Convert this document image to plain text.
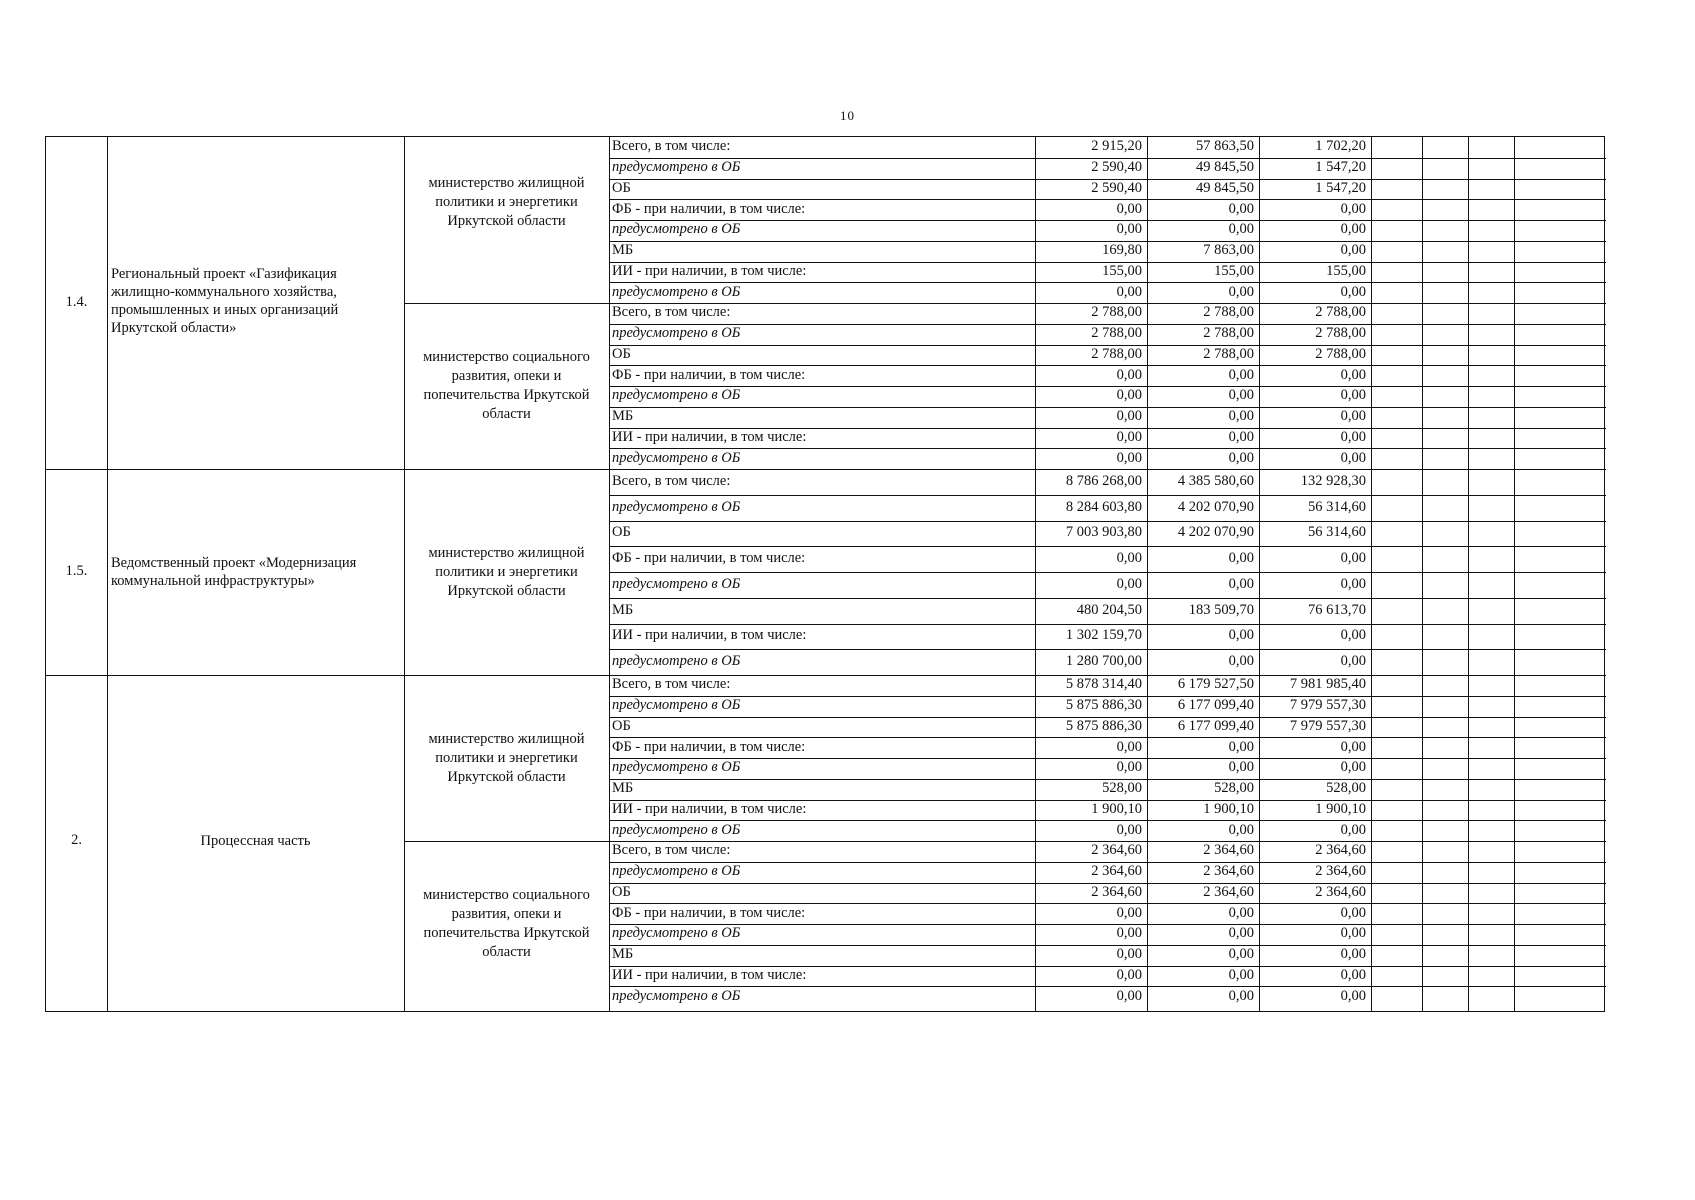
10
1.4.
Региональный проект «Газификация жилищно-коммунального хозяйства, промышленных и иных организаций Иркутской области»
министерство жилищной политики и энергетики Иркутской области
Всего, в том числе:	2 915,20	57 863,50	1 702,20
предусмотрено в ОБ	2 590,40	49 845,50	1 547,20
ОБ	2 590,40	49 845,50	1 547,20
ФБ - при наличии, в том числе:	0,00	0,00	0,00
предусмотрено в ОБ	0,00	0,00	0,00
МБ	169,80	7 863,00	0,00
ИИ - при наличии, в том числе:	155,00	155,00	155,00
предусмотрено в ОБ	0,00	0,00	0,00
министерство социального развития, опеки и попечительства Иркутской области
Всего, в том числе:	2 788,00	2 788,00	2 788,00
предусмотрено в ОБ	2 788,00	2 788,00	2 788,00
ОБ	2 788,00	2 788,00	2 788,00
ФБ - при наличии, в том числе:	0,00	0,00	0,00
предусмотрено в ОБ	0,00	0,00	0,00
МБ	0,00	0,00	0,00
ИИ - при наличии, в том числе:	0,00	0,00	0,00
предусмотрено в ОБ	0,00	0,00	0,00
1.5.	Ведомственный проект «Модернизация коммунальной инфраструктуры»
министерство жилищной политики и энергетики Иркутской области
Всего, в том числе:	8 786 268,00	4 385 580,60	132 928,30
предусмотрено в ОБ	8 284 603,80	4 202 070,90	56 314,60
ОБ	7 003 903,80	4 202 070,90	56 314,60
ФБ - при наличии, в том числе:	0,00	0,00	0,00
предусмотрено в ОБ	0,00	0,00	0,00
МБ	480 204,50	183 509,70	76 613,70
ИИ - при наличии, в том числе:	1 302 159,70	0,00	0,00
предусмотрено в ОБ	1 280 700,00	0,00	0,00
2.	Процессная часть
министерство жилищной политики и энергетики Иркутской области
Всего, в том числе:	5 878 314,40	6 179 527,50	7 981 985,40
предусмотрено в ОБ	5 875 886,30	6 177 099,40	7 979 557,30
ОБ	5 875 886,30	6 177 099,40	7 979 557,30
ФБ - при наличии, в том числе:	0,00	0,00	0,00
предусмотрено в ОБ	0,00	0,00	0,00
МБ	528,00	528,00	528,00
ИИ - при наличии, в том числе:	1 900,10	1 900,10	1 900,10
предусмотрено в ОБ	0,00	0,00	0,00
министерство социального развития, опеки и попечительства Иркутской области
Всего, в том числе:	2 364,60	2 364,60	2 364,60
предусмотрено в ОБ	2 364,60	2 364,60	2 364,60
ОБ	2 364,60	2 364,60	2 364,60
ФБ - при наличии, в том числе:	0,00	0,00	0,00
предусмотрено в ОБ	0,00	0,00	0,00
МБ	0,00	0,00	0,00
ИИ - при наличии, в том числе:	0,00	0,00	0,00
предусмотрено в ОБ	0,00	0,00	0,00
